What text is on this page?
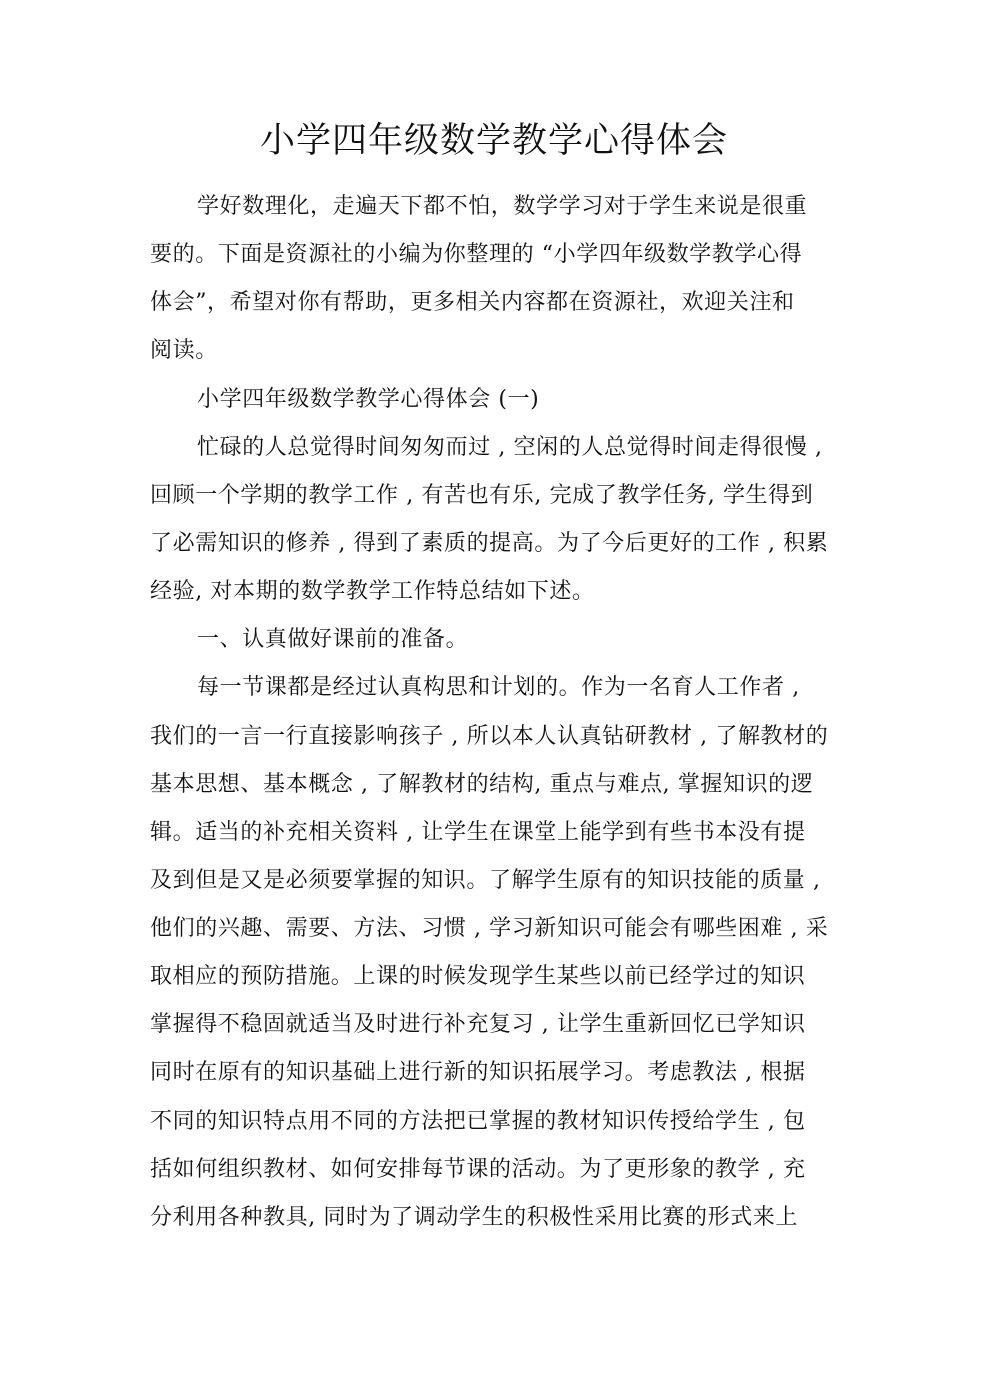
小学四年级数学教学心得体会
学好数理化，走遍天下都不怕，数学学习对于学生来说是很重
要的。下面是资源社的小编为你整理的 “小学四年级数学教学心得
体会”，希望对你有帮助，更多相关内容都在资源社，欢迎关注和
阅读。
小学四年级数学教学心得体会 (一)
忙碌的人总觉得时间匆匆而过 , 空闲的人总觉得时间走得很慢 ,
回顾一个学期的教学工作 , 有苦也有乐, 完成了教学任务, 学生得到
了必需知识的修养 , 得到了素质的提高。为了今后更好的工作 , 积累
经验, 对本期的数学教学工作特总结如下述。
一、认真做好课前的准备。
每一节课都是经过认真构思和计划的。作为一名育人工作者 ,
我们的一言一行直接影响孩子 , 所以本人认真钻研教材 , 了解教材的
基本思想、基本概念 , 了解教材的结构, 重点与难点, 掌握知识的逻
辑。适当的补充相关资料 , 让学生在课堂上能学到有些书本没有提
及到但是又是必须要掌握的知识。了解学生原有的知识技能的质量 ,
他们的兴趣、需要、方法、习惯 , 学习新知识可能会有哪些困难 , 采
取相应的预防措施。上课的时候发现学生某些以前已经学过的知识
掌握得不稳固就适当及时进行补充复习 , 让学生重新回忆已学知识
同时在原有的知识基础上进行新的知识拓展学习。考虑教法 , 根据
不同的知识特点用不同的方法把已掌握的教材知识传授给学生 , 包
括如何组织教材、如何安排每节课的活动。为了更形象的教学 , 充
分利用各种教具, 同时为了调动学生的积极性采用比赛的形式来上
